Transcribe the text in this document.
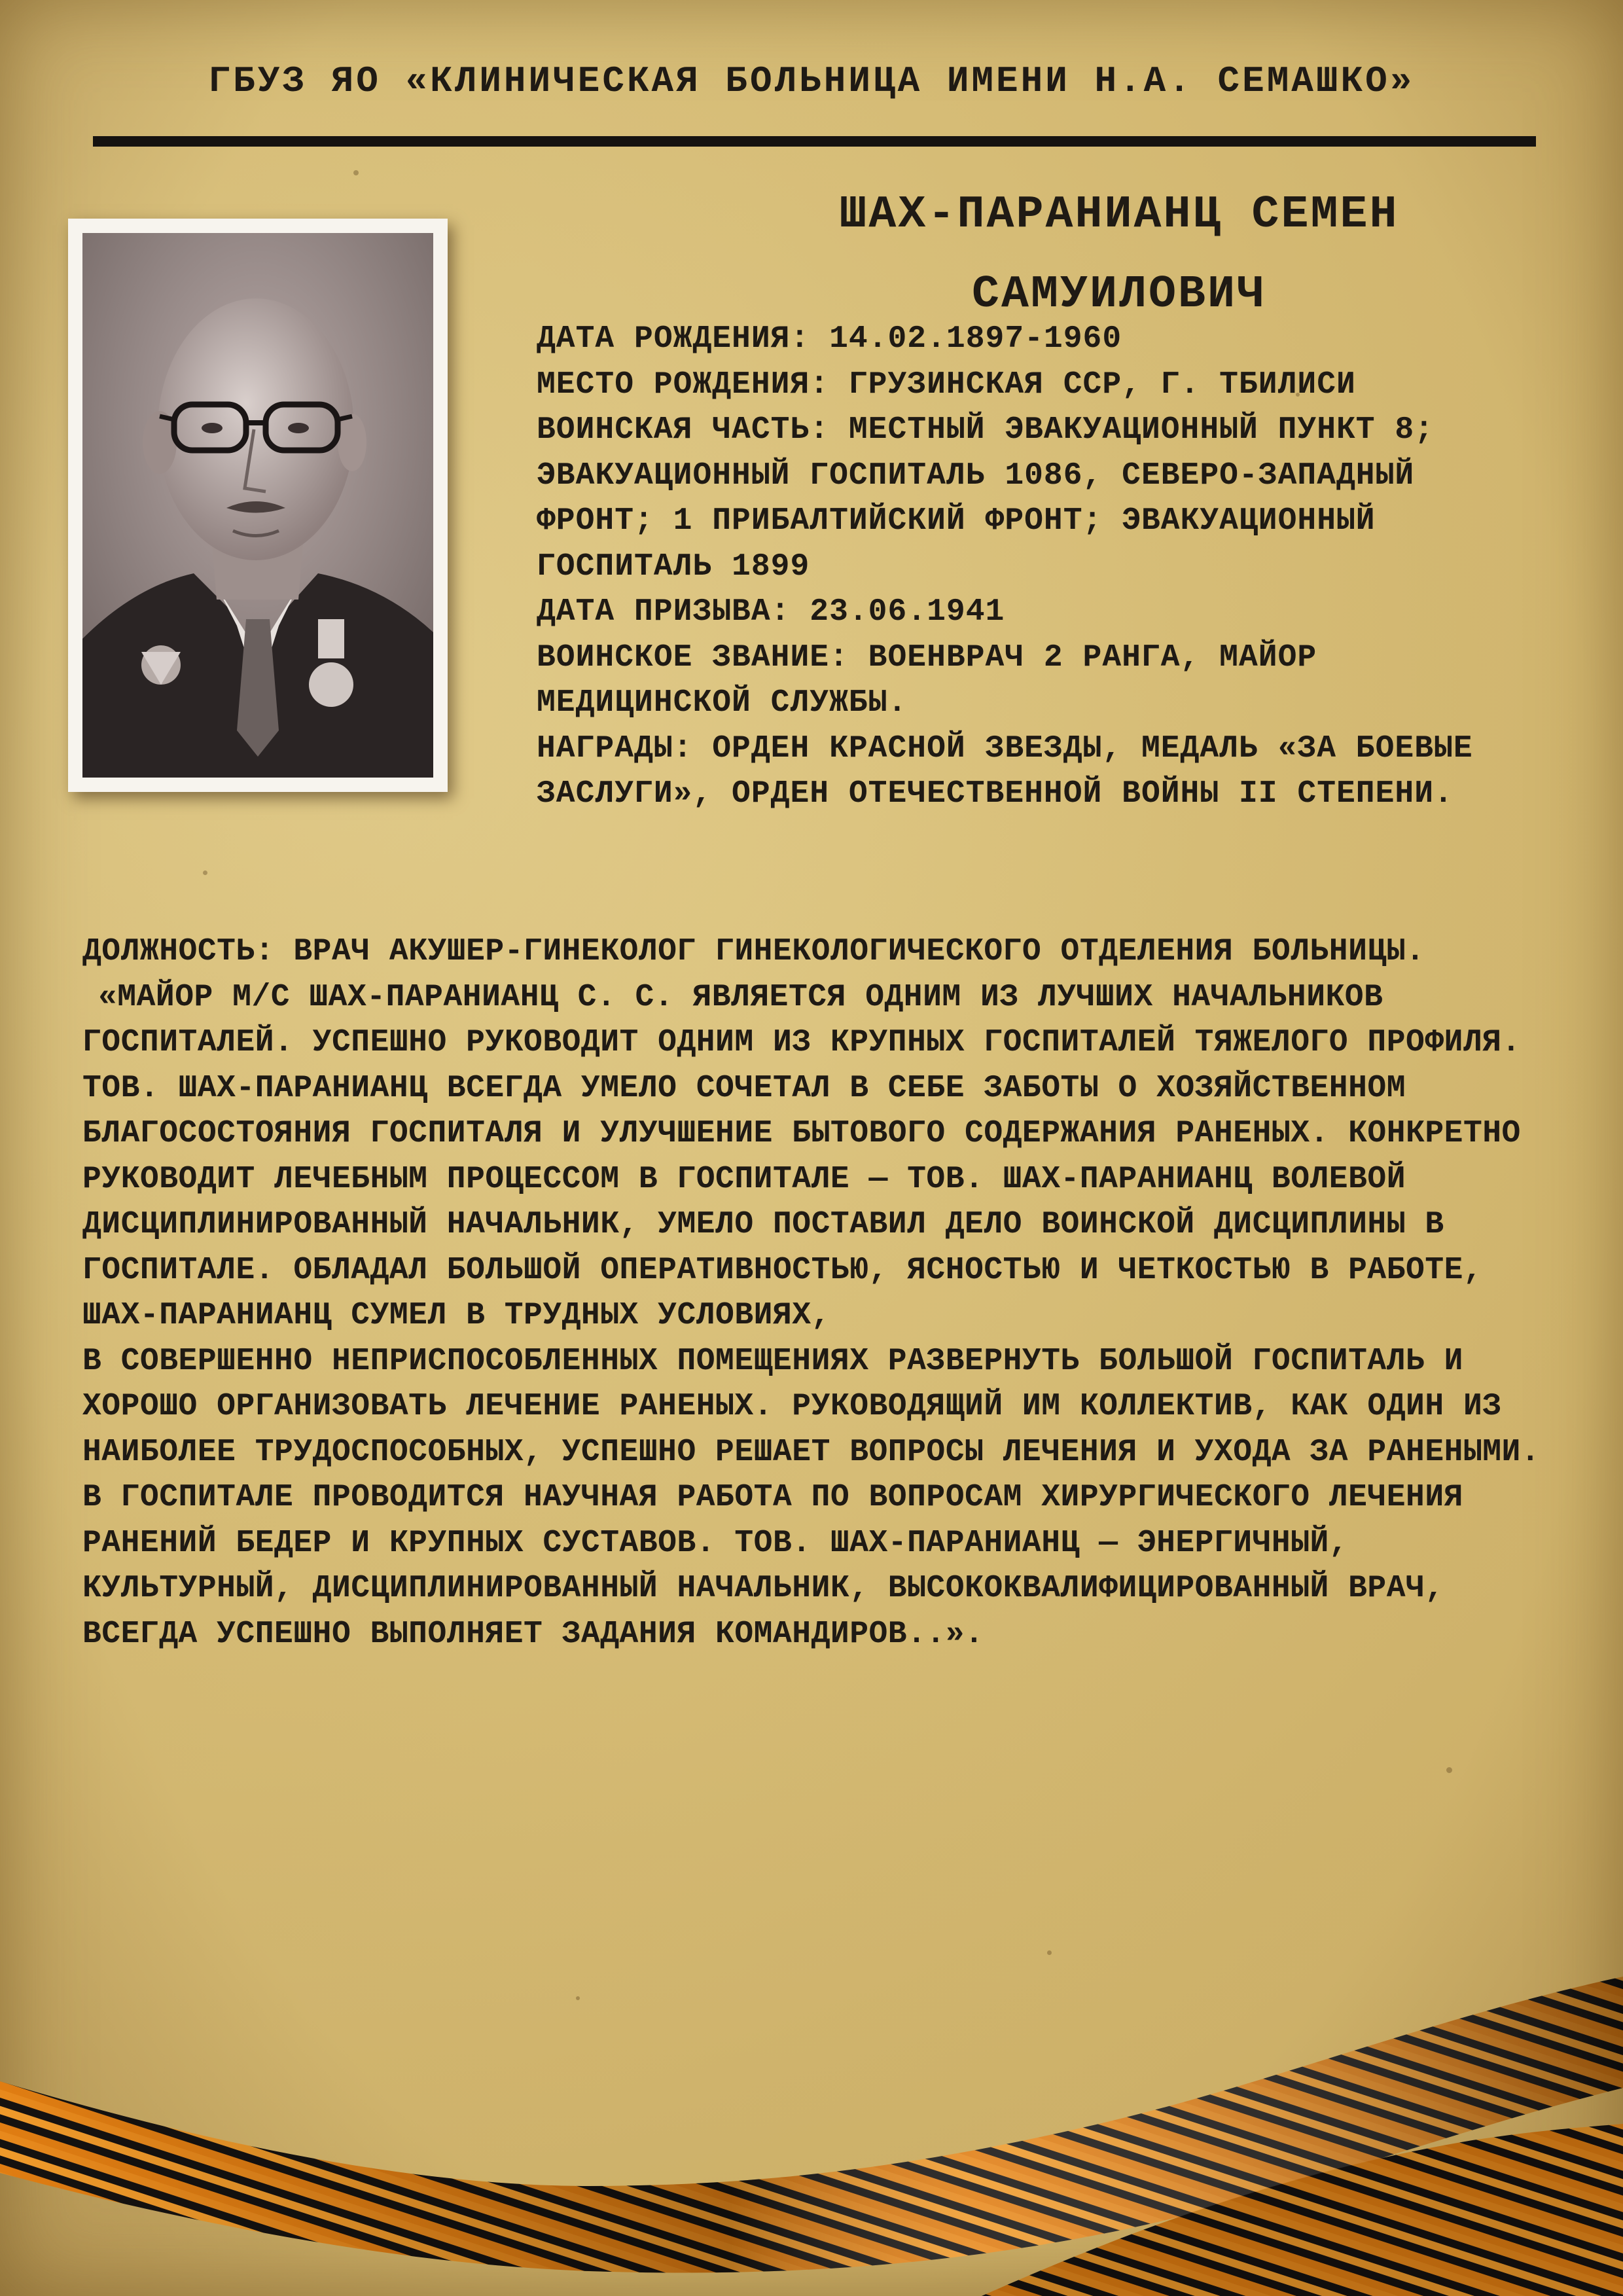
ГБУЗ ЯО «КЛИНИЧЕСКАЯ БОЛЬНИЦА ИМЕНИ Н.А. СЕМАШКО»
ШАХ-ПАРАНИАНЦ СЕМЕН
САМУИЛОВИЧ

ДАТА РОЖДЕНИЯ: 14.02.1897-1960

МЕСТО РОЖДЕНИЯ: ГРУЗИНСКАЯ ССР, Г. ТБИЛИСИ

ВОИНСКАЯ ЧАСТЬ: МЕСТНЫЙ ЭВАКУАЦИОННЫЙ ПУНКТ 8; ЭВАКУАЦИОННЫЙ ГОСПИТАЛЬ 1086, СЕВЕРО-ЗАПАДНЫЙ ФРОНТ; 1 ПРИБАЛТИЙСКИЙ ФРОНТ; ЭВАКУАЦИОННЫЙ ГОСПИТАЛЬ 1899

ДАТА ПРИЗЫВА: 23.06.1941

ВОИНСКОЕ ЗВАНИЕ: ВОЕНВРАЧ 2 РАНГА, МАЙОР МЕДИЦИНСКОЙ СЛУЖБЫ.

НАГРАДЫ: ОРДЕН КРАСНОЙ ЗВЕЗДЫ, МЕДАЛЬ «ЗА БОЕВЫЕ ЗАСЛУГИ», ОРДЕН ОТЕЧЕСТВЕННОЙ ВОЙНЫ II СТЕПЕНИ.

ДОЛЖНОСТЬ: ВРАЧ АКУШЕР-ГИНЕКОЛОГ ГИНЕКОЛОГИЧЕСКОГО ОТДЕЛЕНИЯ БОЛЬНИЦЫ.

«МАЙОР М/С ШАХ-ПАРАНИАНЦ С. С. ЯВЛЯЕТСЯ ОДНИМ ИЗ ЛУЧШИХ НАЧАЛЬНИКОВ ГОСПИТАЛЕЙ. УСПЕШНО РУКОВОДИТ ОДНИМ ИЗ КРУПНЫХ ГОСПИТАЛЕЙ ТЯЖЕЛОГО ПРОФИЛЯ. ТОВ. ШАХ-ПАРАНИАНЦ ВСЕГДА УМЕЛО СОЧЕТАЛ В СЕБЕ ЗАБОТЫ О ХОЗЯЙСТВЕННОМ БЛАГОСОСТОЯНИЯ ГОСПИТАЛЯ И УЛУЧШЕНИЕ БЫТОВОГО СОДЕРЖАНИЯ РАНЕНЫХ. КОНКРЕТНО РУКОВОДИТ ЛЕЧЕБНЫМ ПРОЦЕССОМ В ГОСПИТАЛЕ — ТОВ. ШАХ-ПАРАНИАНЦ ВОЛЕВОЙ ДИСЦИПЛИНИРОВАННЫЙ НАЧАЛЬНИК, УМЕЛО ПОСТАВИЛ ДЕЛО ВОИНСКОЙ ДИСЦИПЛИНЫ В ГОСПИТАЛЕ. ОБЛАДАЛ БОЛЬШОЙ ОПЕРАТИВНОСТЬЮ, ЯСНОСТЬЮ И ЧЕТКОСТЬЮ В РАБОТЕ, ШАХ-ПАРАНИАНЦ СУМЕЛ В ТРУДНЫХ УСЛОВИЯХ,

В СОВЕРШЕННО НЕПРИСПОСОБЛЕННЫХ ПОМЕЩЕНИЯХ РАЗВЕРНУТЬ БОЛЬШОЙ ГОСПИТАЛЬ И ХОРОШО ОРГАНИЗОВАТЬ ЛЕЧЕНИЕ РАНЕНЫХ. РУКОВОДЯЩИЙ ИМ КОЛЛЕКТИВ, КАК ОДИН ИЗ НАИБОЛЕЕ ТРУДОСПОСОБНЫХ, УСПЕШНО РЕШАЕТ ВОПРОСЫ ЛЕЧЕНИЯ И УХОДА ЗА РАНЕНЫМИ.

В ГОСПИТАЛЕ ПРОВОДИТСЯ НАУЧНАЯ РАБОТА ПО ВОПРОСАМ ХИРУРГИЧЕСКОГО ЛЕЧЕНИЯ РАНЕНИЙ БЕДЕР И КРУПНЫХ СУСТАВОВ. ТОВ. ШАХ-ПАРАНИАНЦ — ЭНЕРГИЧНЫЙ, КУЛЬТУРНЫЙ, ДИСЦИПЛИНИРОВАННЫЙ НАЧАЛЬНИК, ВЫСОКОКВАЛИФИЦИРОВАННЫЙ ВРАЧ, ВСЕГДА УСПЕШНО ВЫПОЛНЯЕТ ЗАДАНИЯ КОМАНДИРОВ..».
